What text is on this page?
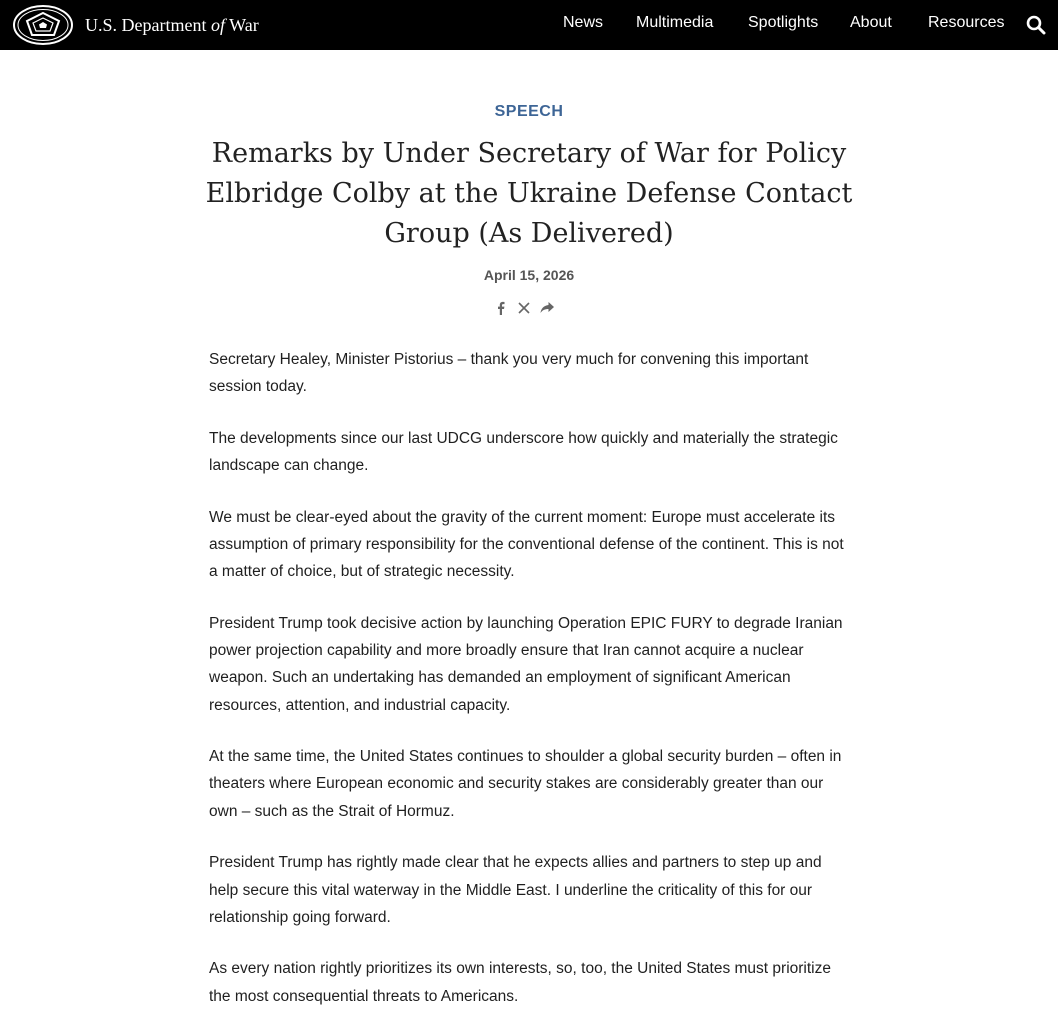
U.S. Department of War	News Multimedia Spotlights About Resources
SPEECH
Remarks by Under Secretary of War for Policy Elbridge Colby at the Ukraine Defense Contact Group (As Delivered)
April 15, 2026

Secretary Healey, Minister Pistorius – thank you very much for convening this important session today.

The developments since our last UDCG underscore how quickly and materially the strategic landscape can change.

We must be clear-eyed about the gravity of the current moment: Europe must accelerate its assumption of primary responsibility for the conventional defense of the continent. This is not a matter of choice, but of strategic necessity.

President Trump took decisive action by launching Operation EPIC FURY to degrade Iranian power projection capability and more broadly ensure that Iran cannot acquire a nuclear weapon. Such an undertaking has demanded an employment of significant American resources, attention, and industrial capacity.

At the same time, the United States continues to shoulder a global security burden – often in theaters where European economic and security stakes are considerably greater than our own – such as the Strait of Hormuz.

President Trump has rightly made clear that he expects allies and partners to step up and help secure this vital waterway in the Middle East. I underline the criticality of this for our relationship going forward.

As every nation rightly prioritizes its own interests, so, too, the United States must prioritize the most consequential threats to Americans.
